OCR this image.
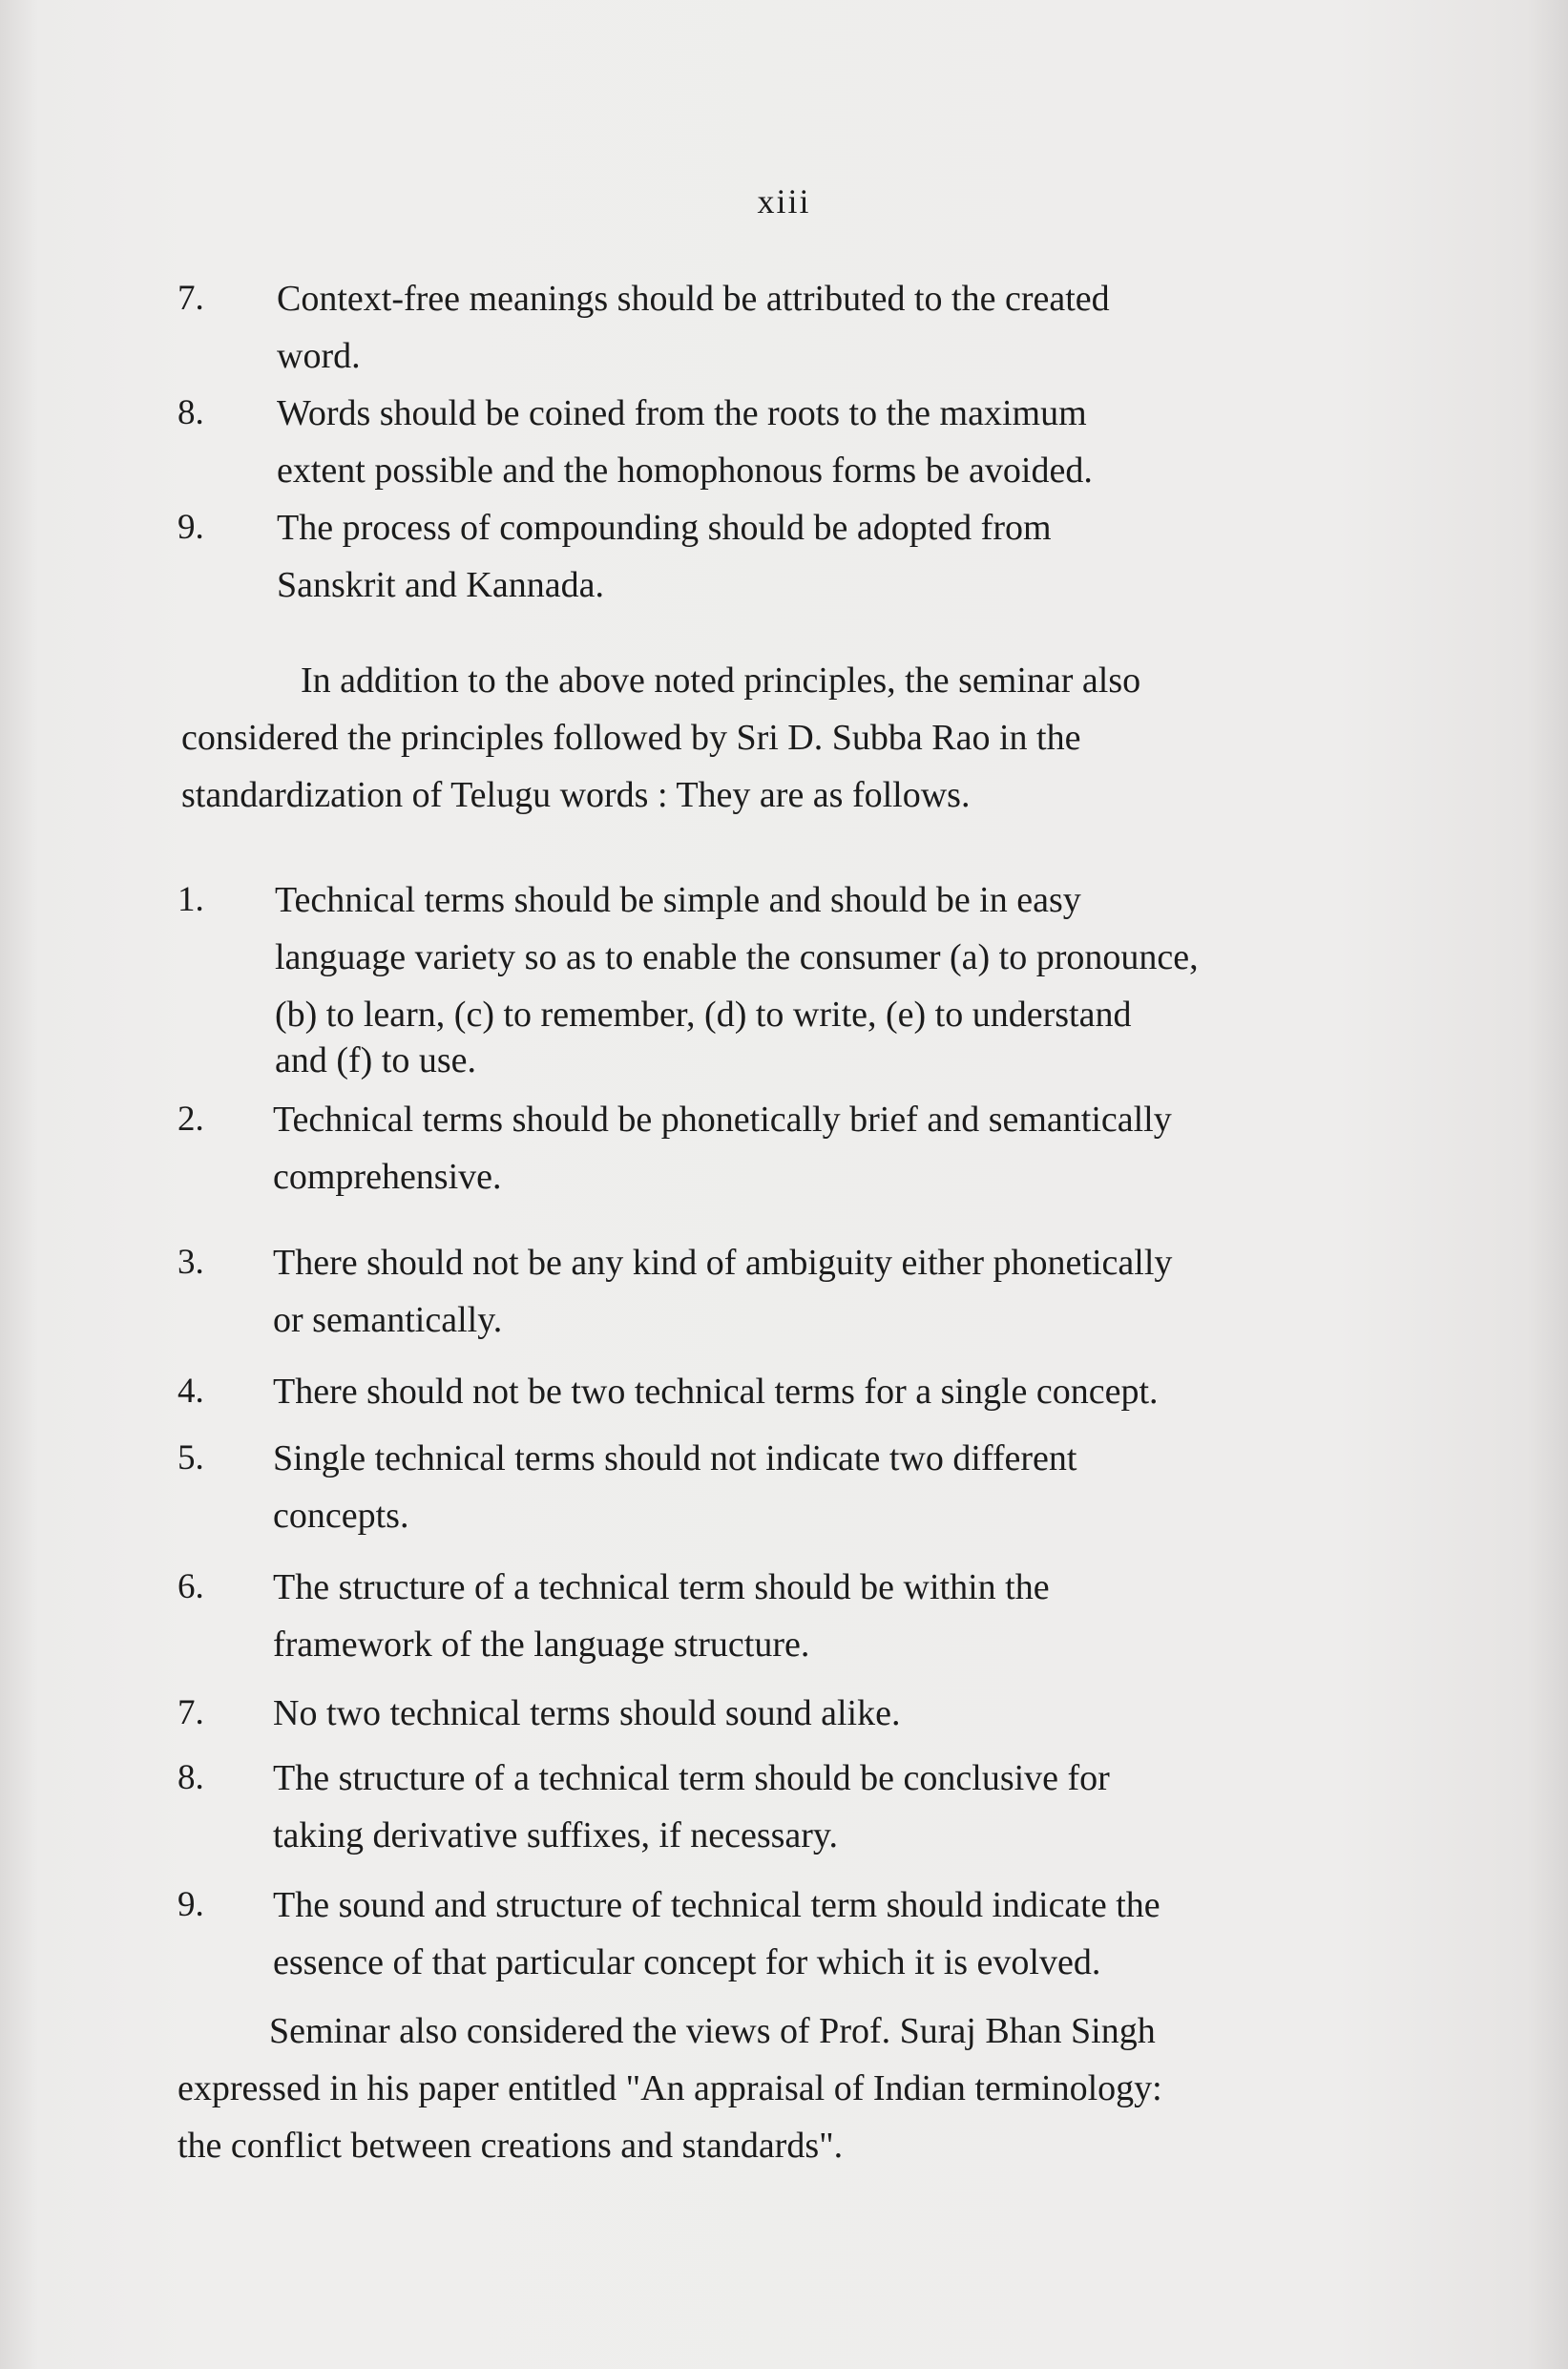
xiii
7. Context-free meanings should be attributed to the created
word.
8. Words should be coined from the roots to the maximum
extent possible and the homophonous forms be avoided.
9. The process of compounding should be adopted from
Sanskrit and Kannada.
In addition to the above noted principles, the seminar also
considered the principles followed by Sri D. Subba Rao in the
standardization of Telugu words : They are as follows.
1. Technical terms should be simple and should be in easy
language variety so as to enable the consumer (a) to pronounce,
(b) to learn, (c) to remember, (d) to write, (e) to understand
and (f) to use.
2. Technical terms should be phonetically brief and semantically
comprehensive.
3. There should not be any kind of ambiguity either phonetically
or semantically.
4. There should not be two technical terms for a single concept.
5. Single technical terms should not indicate two different
concepts.
6. The structure of a technical term should be within the
framework of the language structure.
7. No two technical terms should sound alike.
8. The structure of a technical term should be conclusive for
taking derivative suffixes, if necessary.
9. The sound and structure of technical term should indicate the
essence of that particular concept for which it is evolved.
Seminar also considered the views of Prof. Suraj Bhan Singh
expressed in his paper entitled "An appraisal of Indian terminology:
the conflict between creations and standards".
